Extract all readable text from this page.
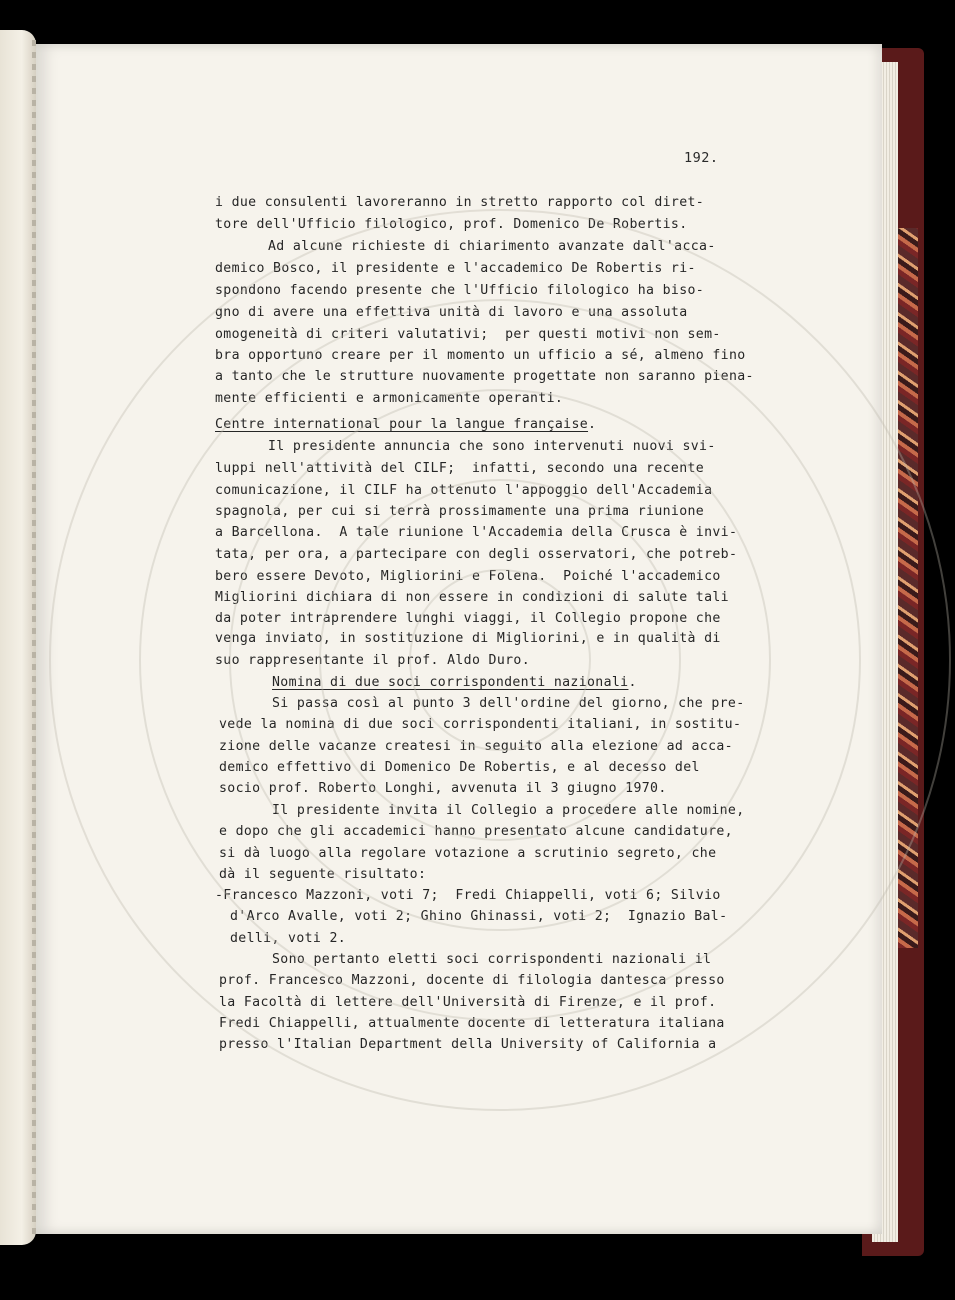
192.
i due consulenti lavoreranno in stretto rapporto col diret-
tore dell'Ufficio filologico, prof. Domenico De Robertis.
Ad alcune richieste di chiarimento avanzate dall'acca-
demico Bosco, il presidente e l'accademico De Robertis ri-
spondono facendo presente che l'Ufficio filologico ha biso-
gno di avere una effettiva unità di lavoro e una assoluta
omogeneità di criteri valutativi;  per questi motivi non sem-
bra opportuno creare per il momento un ufficio a sé, almeno fino
a tanto che le strutture nuovamente progettate non saranno piena-
mente efficienti e armonicamente operanti.
Centre international pour la langue française.
Il presidente annuncia che sono intervenuti nuovi svi-
luppi nell'attività del CILF;  infatti, secondo una recente
comunicazione, il CILF ha ottenuto l'appoggio dell'Accademia
spagnola, per cui si terrà prossimamente una prima riunione
a Barcellona.  A tale riunione l'Accademia della Crusca è invi-
tata, per ora, a partecipare con degli osservatori, che potreb-
bero essere Devoto, Migliorini e Folena.  Poiché l'accademico
Migliorini dichiara di non essere in condizioni di salute tali
da poter intraprendere lunghi viaggi, il Collegio propone che
venga inviato, in sostituzione di Migliorini, e in qualità di
suo rappresentante il prof. Aldo Duro.
Nomina di due soci corrispondenti nazionali.
Si passa così al punto 3 dell'ordine del giorno, che pre-
vede la nomina di due soci corrispondenti italiani, in sostitu-
zione delle vacanze createsi in seguito alla elezione ad acca-
demico effettivo di Domenico De Robertis, e al decesso del
socio prof. Roberto Longhi, avvenuta il 3 giugno 1970.
Il presidente invita il Collegio a procedere alle nomine,
e dopo che gli accademici hanno presentato alcune candidature,
si dà luogo alla regolare votazione a scrutinio segreto, che
dà il seguente risultato:
-Francesco Mazzoni, voti 7;  Fredi Chiappelli, voti 6; Silvio
d'Arco Avalle, voti 2; Ghino Ghinassi, voti 2;  Ignazio Bal-
delli, voti 2.
Sono pertanto eletti soci corrispondenti nazionali il
prof. Francesco Mazzoni, docente di filologia dantesca presso
la Facoltà di lettere dell'Università di Firenze, e il prof.
Fredi Chiappelli, attualmente docente di letteratura italiana
presso l'Italian Department della University of California a
